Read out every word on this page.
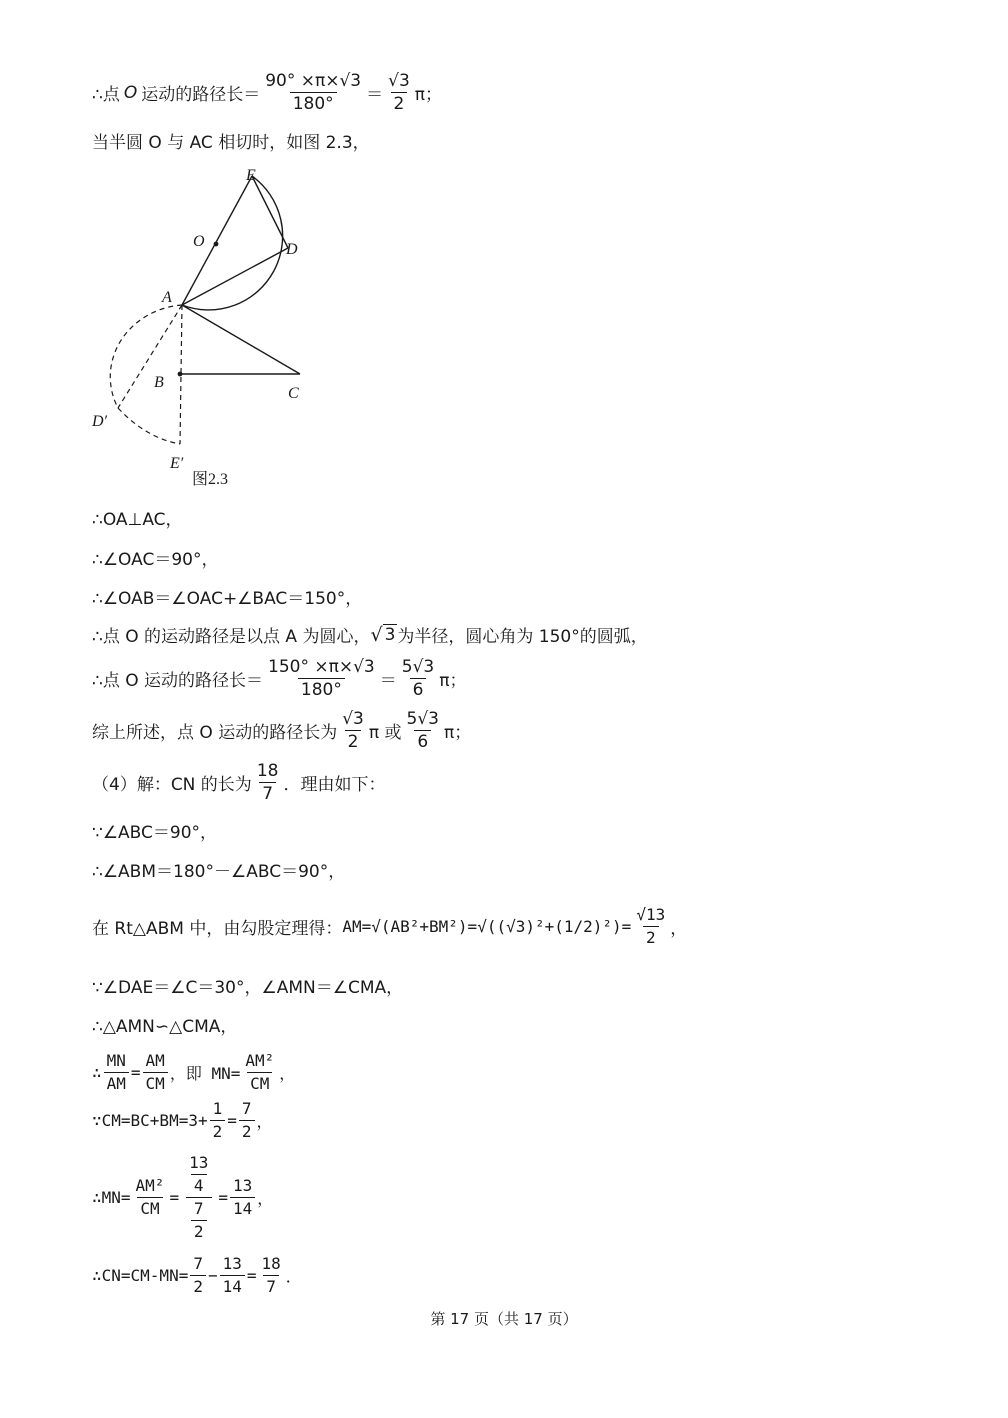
∴点 O 运动的路径长＝ $\frac{90^\circ \times\pi\times√3}{180^\circ} = \frac{√3}{2}$ π；
当半圆 O 与 AC 相切时，如图 2.3，
E
O	D
A
B
C
D′
E′
图2.3
∴OA⊥AC，
∴∠OAC＝90°，
∴∠OAB＝∠OAC+∠BAC＝150°，
∴点 O 的运动路径是以点 A 为圆心， √ 3 为半径，圆心角为 150°的圆弧，
∴点 O 运动的路径长＝ $\frac{150^\circ \times\pi\times√3}{180^\circ} = \frac{5√3}{6}$ π；
综上所述，点 O 运动的路径长为 $\frac{√3}{2}$ π 或 $\frac{5√3}{6}$ π；
（4）解：CN 的长为 $\frac{18}{7}$ ．理由如下：
∵∠ABC＝90°，
∴∠ABM＝180°－∠ABC＝90°，
在 Rt△ABM 中，由勾股定理得： $AM=√(AB^2+BM^2)=√((√3)^2+(1/2)^2)= \frac{√13}{2}$ ，
∵∠DAE＝∠C＝30°，∠AMN＝∠CMA，
∴△AMN∽△CMA，
∴ $\frac{MN}{AM} = \frac{AM}{CM}$ ，即 $MN= \frac{\text{AM²}}{CM}$ ，
∵CM=BC+BM=3+ $\frac{1}{2} = \frac{7}{2}$ ，
∴MN= $\frac{\text{AM²}}{CM} = \frac{\frac{13}{4}}{\frac{7}{2}} = \frac{13}{14}$ ，
∴CN=CM-MN= $\frac{7}{2} - \frac{13}{14} = \frac{18}{7}$ ．
第 17 页（共 17 页）
